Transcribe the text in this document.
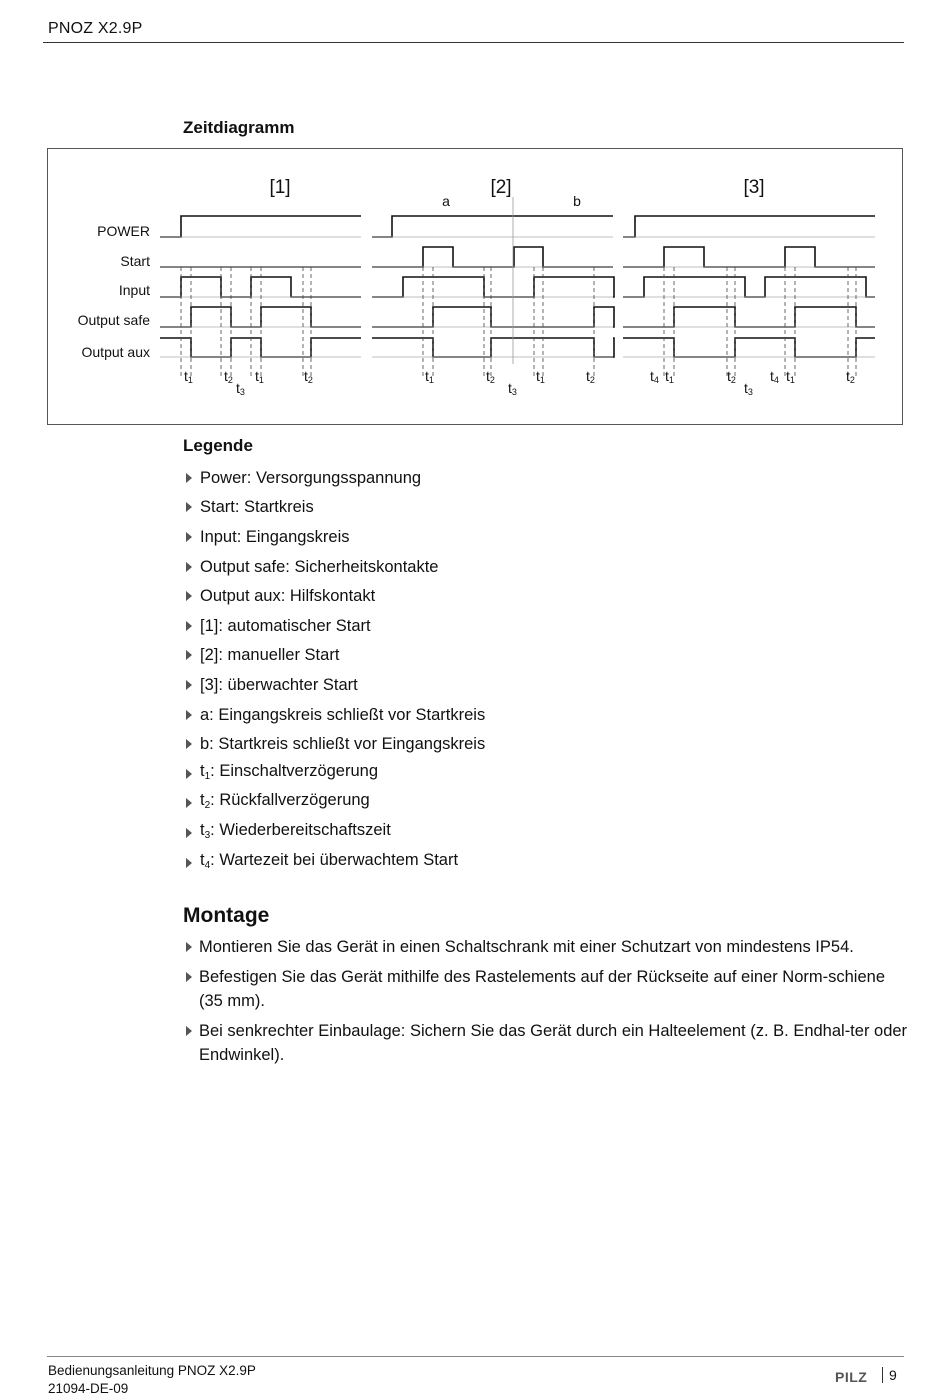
PNOZ X2.9P
Zeitdiagramm
POWER
Start
Input
Output safe
Output aux
[1]	[2]	[3]
a	b
t1 t2 t1	t2
t3
t1	t2	t1	t2
t3
t4 t1	t2 t4 t1	t2
t3
Legende
Power: Versorgungsspannung
Start: Startkreis
Input: Eingangskreis
Output safe: Sicherheitskontakte
Output aux: Hilfskontakt
[1]: automatischer Start
[2]: manueller Start
[3]: überwachter Start
a: Eingangskreis schließt vor Startkreis
b: Startkreis schließt vor Eingangskreis
$t_1$: Einschaltverzögerung
$t_2$: Rückfallverzögerung
$t_3$: Wiederbereitschaftszeit
$t_4$: Wartezeit bei überwachtem Start
Montage
Montieren Sie das Gerät in einen Schaltschrank mit einer Schutzart von mindestens IP54.
Befestigen Sie das Gerät mithilfe des Rastelements auf der Rückseite auf einer Norm-schiene (35 mm).
Bei senkrechter Einbaulage: Sichern Sie das Gerät durch ein Halteelement (z. B. Endhal-ter oder Endwinkel).
Bedienungsanleitung PNOZ X2.9P
21094-DE-09
PILZ 9
